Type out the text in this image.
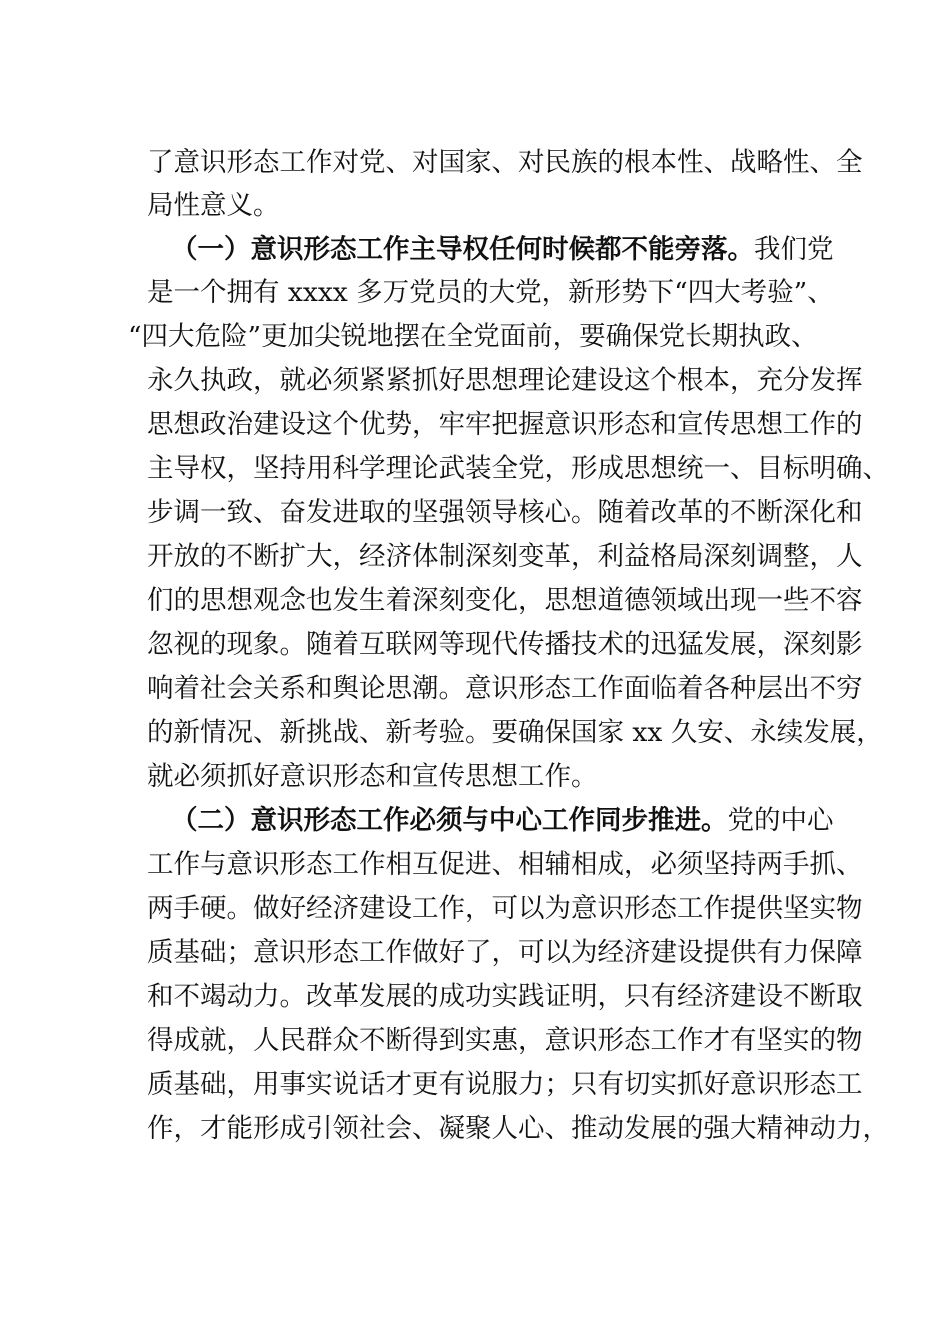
了意识形态工作对党、对国家、对民族的根本性、战略性、全

局性意义。

（一）意识形态工作主导权任何时候都不能旁落。我们党

是一个拥有 xxxx 多万党员的大党，新形势下“四大考验”、

“四大危险”更加尖锐地摆在全党面前，要确保党长期执政、

永久执政，就必须紧紧抓好思想理论建设这个根本，充分发挥

思想政治建设这个优势，牢牢把握意识形态和宣传思想工作的

主导权，坚持用科学理论武装全党，形成思想统一、目标明确、

步调一致、奋发进取的坚强领导核心。随着改革的不断深化和

开放的不断扩大，经济体制深刻变革，利益格局深刻调整，人

们的思想观念也发生着深刻变化，思想道德领域出现一些不容

忽视的现象。随着互联网等现代传播技术的迅猛发展，深刻影

响着社会关系和舆论思潮。意识形态工作面临着各种层出不穷

的新情况、新挑战、新考验。要确保国家 xx 久安、永续发展，

就必须抓好意识形态和宣传思想工作。

（二）意识形态工作必须与中心工作同步推进。党的中心

工作与意识形态工作相互促进、相辅相成，必须坚持两手抓、

两手硬。做好经济建设工作，可以为意识形态工作提供坚实物

质基础；意识形态工作做好了，可以为经济建设提供有力保障

和不竭动力。改革发展的成功实践证明，只有经济建设不断取

得成就，人民群众不断得到实惠，意识形态工作才有坚实的物

质基础，用事实说话才更有说服力；只有切实抓好意识形态工

作，才能形成引领社会、凝聚人心、推动发展的强大精神动力，
